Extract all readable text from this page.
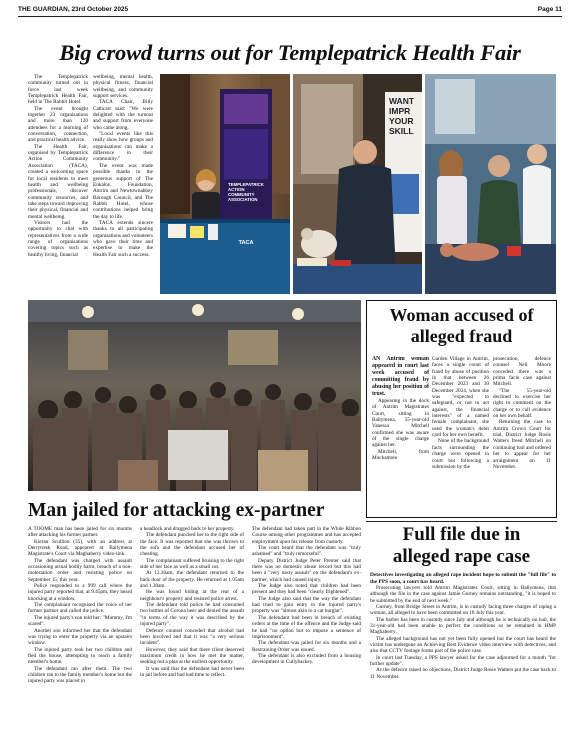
THE GUARDIAN, 23rd October 2025	Page 11
Big crowd turns out for Templepatrick Health Fair

The Templepatrick community turned out in force last week Templepatrick Health Fair, held in The Rabbit Hotel.

The event brought together 23 organisations and more than 120 attendees for a morning of conversation, connection, and practical health advice.

The Health Fair, organised by Templepatrick Action Community Association (TACA), created a welcoming space for local residents to meet health and wellbeing professionals, discover community resources, and take steps toward improving their physical, financial and mental wellbeing.

Visitors had the opportunity to chat with representatives from a wide range of organisations covering topics such as healthy living, financial

wellbeing, mental health, physical fitness, financial wellbeing, and community support services.

TACA Chair, Billy Cathcart said: "We were delighted with the turnout and support from everyone who came along.

"Local events like this really show how groups and organisations can make a difference in their community."

The event was made possible thanks to the generous support of The Enkalon Foundation, Antrim and Newtownabbey Borough Council, and The Rabbit Hotel, whose contributions helped bring the day to life.

TACA extends sincere thanks to all participating organisations and volunteers who gave their time and expertise to make the Health Fair such a success.

TEMPLEPATRICK ACTION COMMUNITY ASSOCIATION
TACA
WANT
IMPR
YOUR
SKILL
Woman accused of alleged fraud

AN Antrim woman appeared in court last week accused of committing fraud by abusing her position of trust.

Appearing in the dock of Antrim Magistrates Court, sitting in Ballymena, 55-year-old Vanessa Mitchell confirmed she was aware of the single charge against her.

Mitchell, from Muckamore

Garden Village in Antrim, faces a single count of fraud by abuse of position in that between 26 December 2023 and 30 December 2024, when she was "expected to safeguard, or not to act against, the financial interests" of a named female complainant, she used the woman's debit card for her own benefit.

None of the background facts surrounding the charge were opened in court but following a submission by the

prosecution, defence counsel Neil Moore conceded there was a prima facie case against Mitchell.

"The 55-year-old declined to exercise her right to comment on the charge or to call evidence on her own behalf.

Returning the case to Antrim Crown Court for trial, District Judge Rosie Watters freed Mitchell on continuing bail and ordered her to appear for her arraignment on 11 November.

Man jailed for attacking ex-partner

A TOOME man has been jailed for six months after attacking his former partner.

Kieran Scullion (35), with an address at Derrytresk Road, appeared at Ballymena Magistrate's Court via Maghaberry video-link.

The defendant was charged with assault occasioning actual bodily harm, breach of a non-molestation order and resisting police on September 15, this year.

Police responded to a 999 call where the injured party reported that, at 9.45pm, they heard knocking at a window.

The complainant recognised the voice of her former partner and called the police.

The injured party's son told her: "Mummy, I'm scared".

Another son informed her that the defendant was trying to enter the property via an upstairs window.

The injured party took her two children and fled the house, attempting to reach a family member's home.

The defendant ran after them. The two children ran to the family member's home but the injured party was placed in

a headlock and dragged back to her property.

The defendant punched her to the right side of the face. It was reported that she was thrown to the sofa and the defendant accused her of cheating.

The complainant suffered bruising to the right side of her face as well as a small cut.

At 12.30am, the defendant returned to the back door of the property. He returned at 1.05am and 1.30am.

He was found hiding at the rear of a neighbour's property and resisted police arrest.

The defendant told police he had consumed two bottles of Corona beer and denied the assault "in terms of the way it was described by the injured party".

Defence counsel conceded that alcohol had been involved and that it was "a very serious incident".

However, they said that there client deserved maximum credit in how he met the matter, seeking out a plea at the earliest opportunity.

It was said that the defendant had never been in jail before and had had time to reflect.

The defendant had taken part in the White Ribbon Course among other programmes and has accepted employment upon his release from custody.

The court heard that the defendant was "truly ashamed" and "truly remorseful".

Deputy District Judge Peter Prenter said that there was no domestic abuse record but this had been a "very nasty assault" on the defendant's ex-partner, which had caused injury.

The Judge also noted that children had been present and they had been "clearly frightened".

The Judge also said that the way the defendant had tried to gain entry to the injured party's property was "almost akin to a cat burglar".

The defendant had been in breach of existing orders at the time of the offence and the Judge said he had "no option but to impose a sentence of imprisonment".

The defendant was jailed for six months and a Restraining Order was issued.

The defendant is also excluded from a housing development in Cullybackey.

Full file due in
alleged rape case

Detectives investigating an alleged rape incident hope to submit the "full file" to the PPS soon, a court has heard.

Prosecuting lawyers told Antrim Magistrates Court, sitting in Ballymena, that although the file in the case against Jamie Gurney remains outstanding, "it is hoped to be submitted by the end of next week."

Gurney, from Bridge Street in Antrim, is in custody facing three charges of raping a woman, all alleged to have been committed on 18 July this year.

The barber has been in custody since July and although he is technically on bail, the 31-year-old had been unable to perfect the conditions so he remained in HMP Maghaberry.

The alleged background has not yet been fully opened but the court has heard the victim has undergone an Achieving Best Evidence video interview with detectives, and also that CCTV footage forms part of the police case.

In court last Tuesday, a PPS lawyer asked for the case adjourned for a month "for further update".

As the defence raised no objections, District Judge Rosie Watters put the case back to 11 November.
